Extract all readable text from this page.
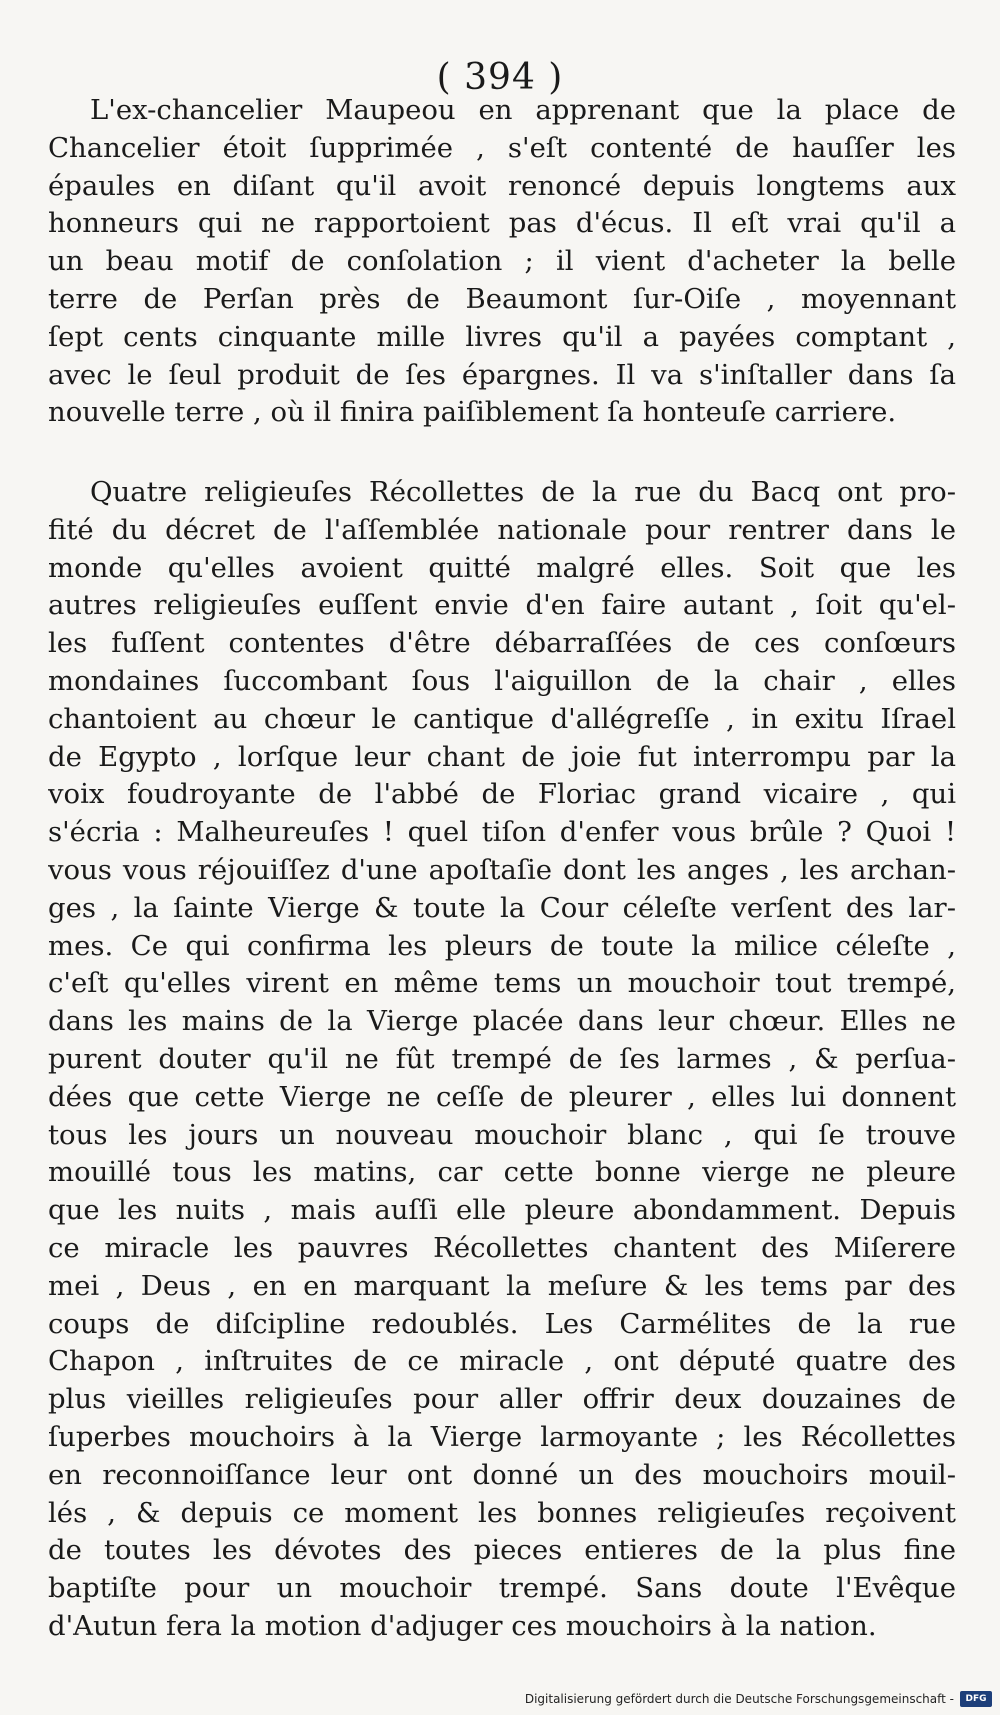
( 394 )
L'ex-chancelier Maupeou en apprenant que la place de
Chancelier étoit ſupprimée , s'eſt contenté de hauſſer les
épaules en diſant qu'il avoit renoncé depuis longtems aux
honneurs qui ne rapportoient pas d'écus. Il eſt vrai qu'il a
un beau motif de conſolation ; il vient d'acheter la belle
terre de Perſan près de Beaumont ſur-Oiſe , moyennant
ſept cents cinquante mille livres qu'il a payées comptant ,
avec le ſeul produit de ſes épargnes. Il va s'inſtaller dans ſa
nouvelle terre , où il finira paiſiblement ſa honteuſe carriere.
Quatre religieuſes Récollettes de la rue du Bacq ont pro-
fité du décret de l'aſſemblée nationale pour rentrer dans le
monde qu'elles avoient quitté malgré elles. Soit que les
autres religieuſes euſſent envie d'en faire autant , ſoit qu'el-
les fuſſent contentes d'être débarraſſées de ces conſœurs
mondaines ſuccombant ſous l'aiguillon de la chair , elles
chantoient au chœur le cantique d'allégreſſe , in exitu Iſrael
de Egypto , lorſque leur chant de joie fut interrompu par la
voix foudroyante de l'abbé de Floriac grand vicaire , qui
s'écria : Malheureuſes ! quel tiſon d'enfer vous brûle ? Quoi !
vous vous réjouiſſez d'une apoſtaſie dont les anges , les archan-
ges , la ſainte Vierge & toute la Cour céleſte verſent des lar-
mes. Ce qui confirma les pleurs de toute la milice céleſte ,
c'eſt qu'elles virent en même tems un mouchoir tout trempé,
dans les mains de la Vierge placée dans leur chœur. Elles ne
purent douter qu'il ne fût trempé de ſes larmes , & perſua-
dées que cette Vierge ne ceſſe de pleurer , elles lui donnent
tous les jours un nouveau mouchoir blanc , qui ſe trouve
mouillé tous les matins, car cette bonne vierge ne pleure
que les nuits , mais auſſi elle pleure abondamment. Depuis
ce miracle les pauvres Récollettes chantent des Miſerere
mei , Deus , en en marquant la meſure & les tems par des
coups de diſcipline redoublés. Les Carmélites de la rue
Chapon , inſtruites de ce miracle , ont député quatre des
plus vieilles religieuſes pour aller offrir deux douzaines de
ſuperbes mouchoirs à la Vierge larmoyante ; les Récollettes
en reconnoiſſance leur ont donné un des mouchoirs mouil-
lés , & depuis ce moment les bonnes religieuſes reçoivent
de toutes les dévotes des pieces entieres de la plus fine
baptiſte pour un mouchoir trempé. Sans doute l'Evêque
d'Autun fera la motion d'adjuger ces mouchoirs à la nation.
Digitalisierung gefördert durch die Deutsche Forschungsgemeinschaft -	DFG
